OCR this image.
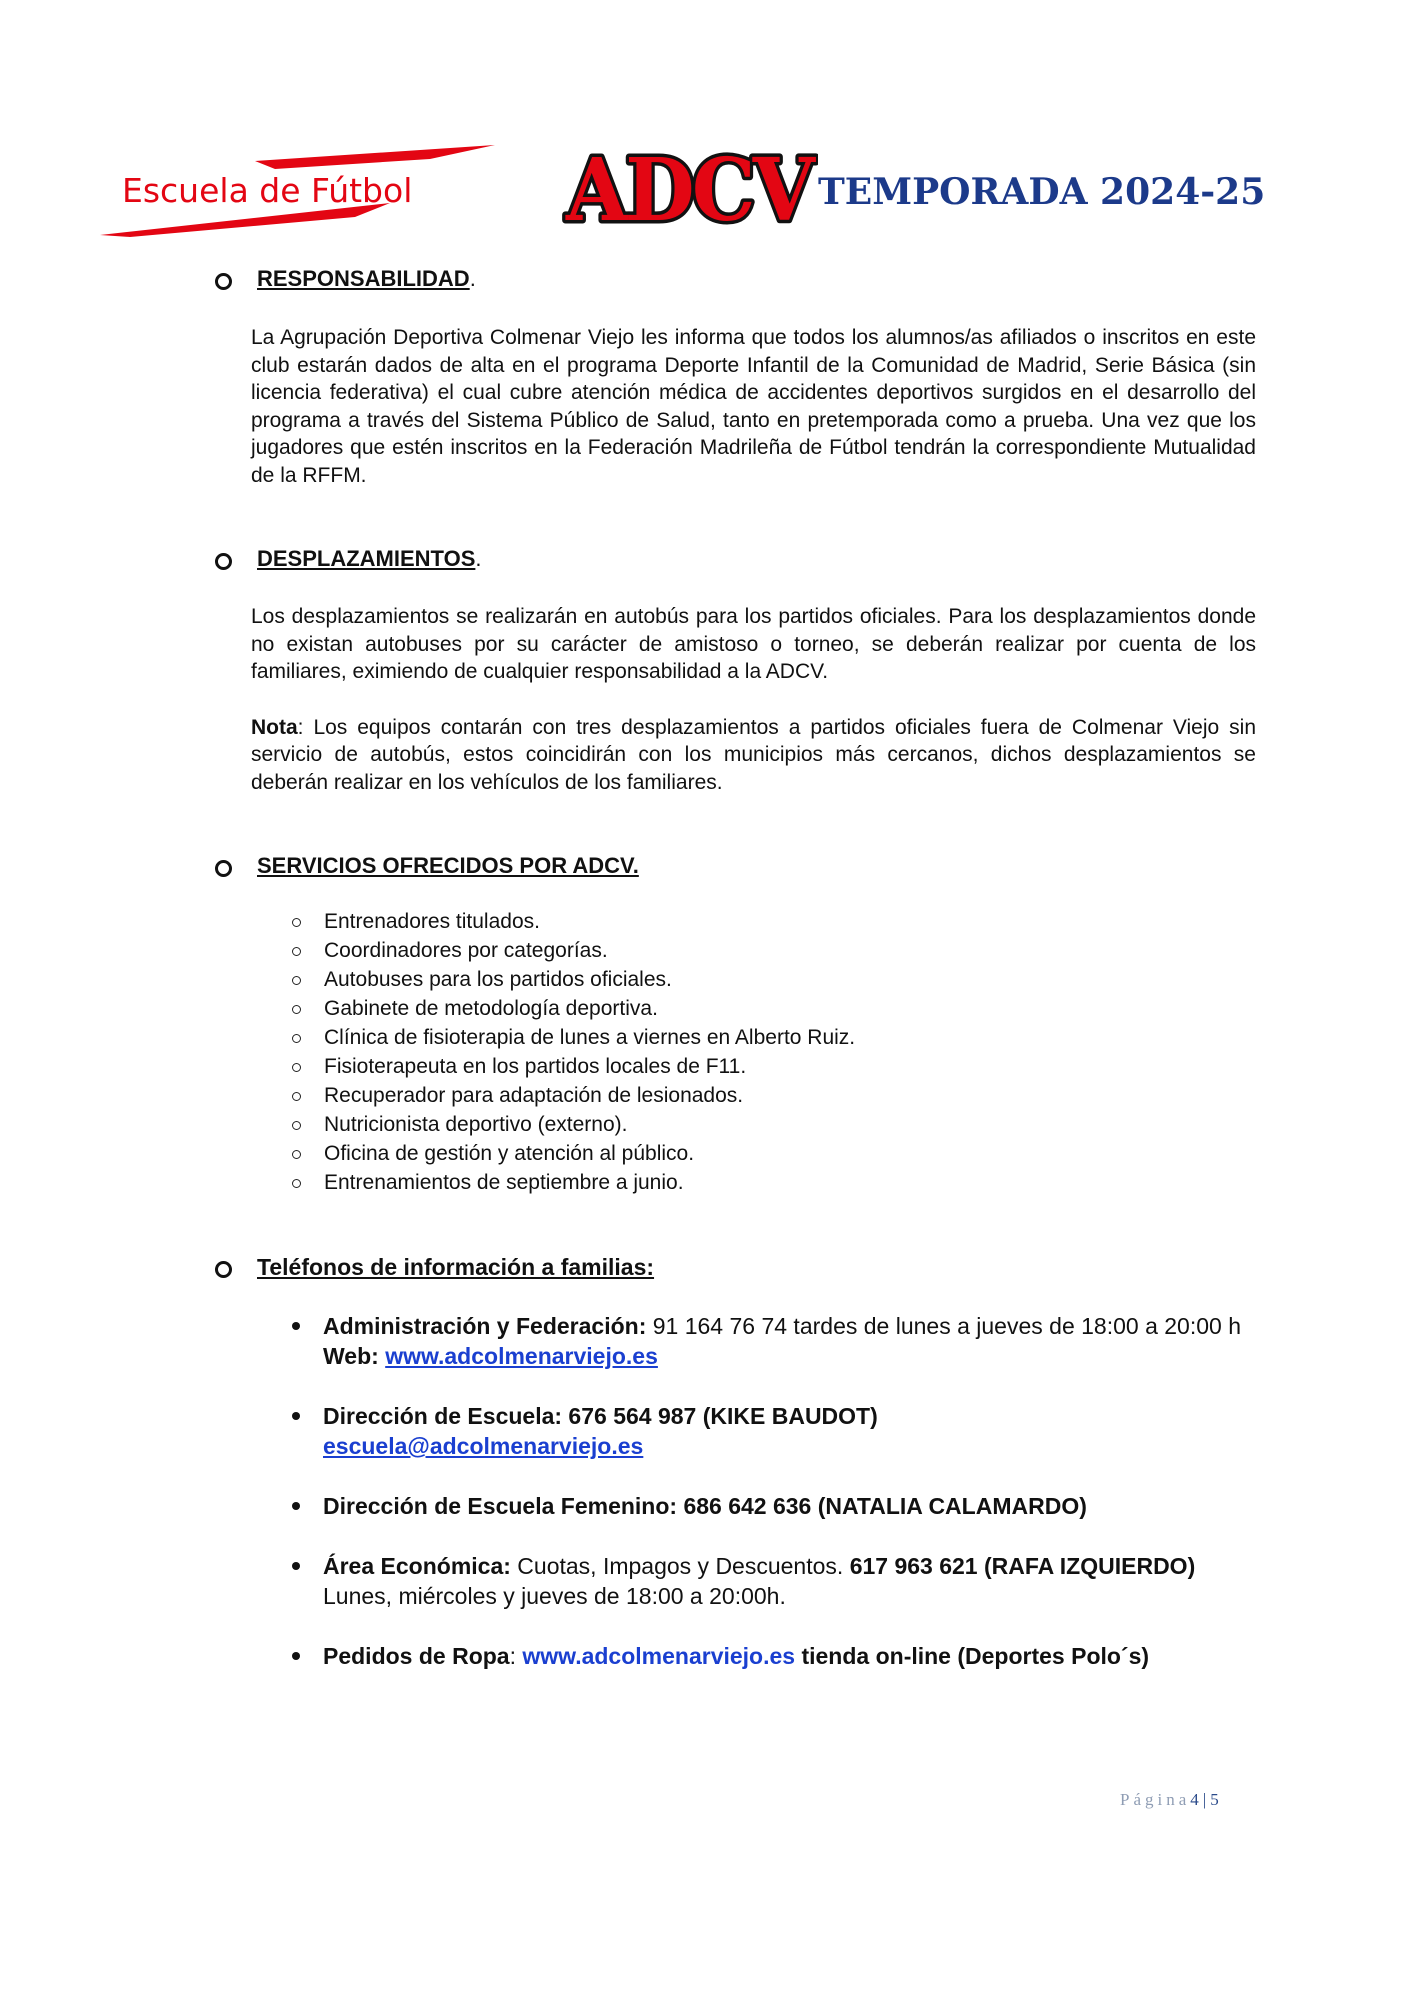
Escuela de Fútbol ADCV TEMPORADA 2024-25
RESPONSABILIDAD.
La Agrupación Deportiva Colmenar Viejo les informa que todos los alumnos/as afiliados o inscritos en este club estarán dados de alta en el programa Deporte Infantil de la Comunidad de Madrid, Serie Básica (sin licencia federativa) el cual cubre atención médica de accidentes deportivos surgidos en el desarrollo del programa a través del Sistema Público de Salud, tanto en pretemporada como a prueba. Una vez que los jugadores que estén inscritos en la Federación Madrileña de Fútbol tendrán la correspondiente Mutualidad de la RFFM.
DESPLAZAMIENTOS.
Los desplazamientos se realizarán en autobús para los partidos oficiales. Para los desplazamientos donde no existan autobuses por su carácter de amistoso o torneo, se deberán realizar por cuenta de los familiares, eximiendo de cualquier responsabilidad a la ADCV.
Nota: Los equipos contarán con tres desplazamientos a partidos oficiales fuera de Colmenar Viejo sin servicio de autobús, estos coincidirán con los municipios más cercanos, dichos desplazamientos se deberán realizar en los vehículos de los familiares.
SERVICIOS OFRECIDOS POR ADCV.
Entrenadores titulados.
Coordinadores por categorías.
Autobuses para los partidos oficiales.
Gabinete de metodología deportiva.
Clínica de fisioterapia de lunes a viernes en Alberto Ruiz.
Fisioterapeuta en los partidos locales de F11.
Recuperador para adaptación de lesionados.
Nutricionista deportivo (externo).
Oficina de gestión y atención al público.
Entrenamientos de septiembre a junio.
Teléfonos de información a familias:
Administración y Federación: 91 164 76 74 tardes de lunes a jueves de 18:00 a 20:00 h Web: www.adcolmenarviejo.es
Dirección de Escuela: 676 564 987 (KIKE BAUDOT)
escuela@adcolmenarviejo.es
Dirección de Escuela Femenino: 686 642 636 (NATALIA CALAMARDO)
Área Económica: Cuotas, Impagos y Descuentos. 617 963 621 (RAFA IZQUIERDO) Lunes, miércoles y jueves de 18:00 a 20:00h.
Pedidos de Ropa: www.adcolmenarviejo.es tienda on-line (Deportes Polo´s)
Página4 | 5
